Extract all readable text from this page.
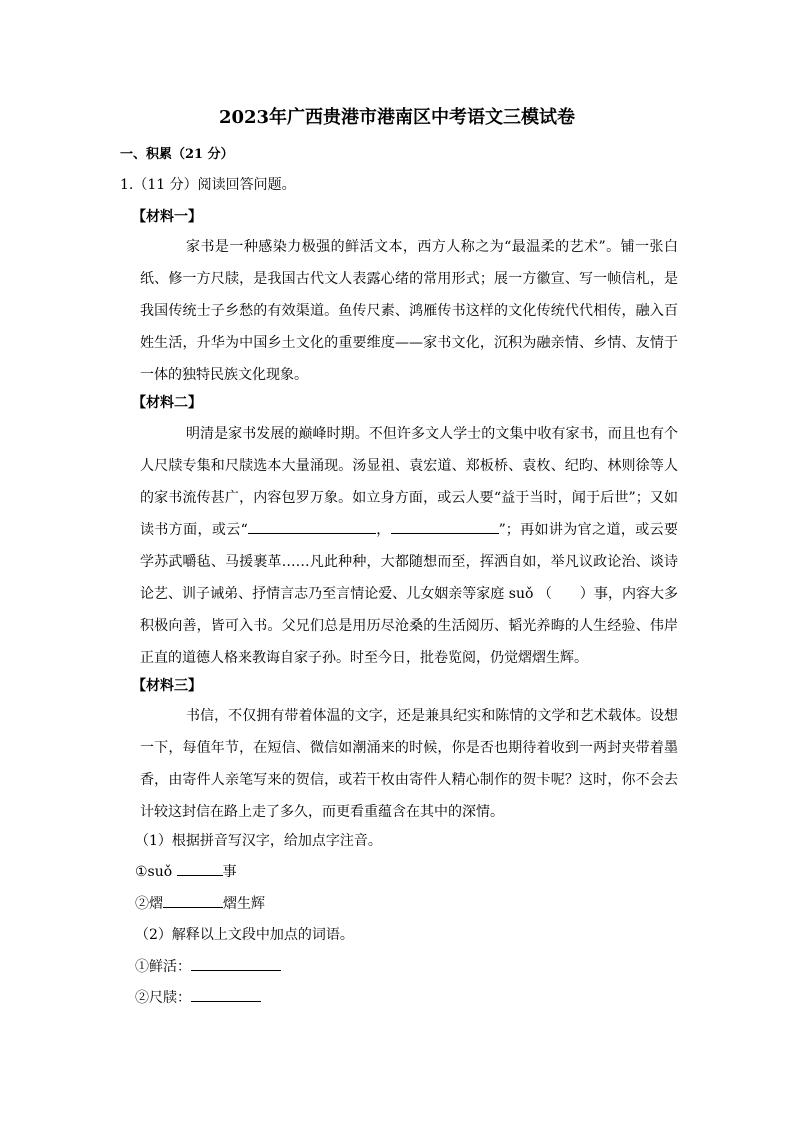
2023年广西贵港市港南区中考语文三模试卷
一、积累（21 分）
1.（11 分）阅读回答问题。
【材料一】
家书是一种感染力极强的鲜活文本，西方人称之为“最温柔的艺术”。铺一张白纸、修一方尺牍，是我国古代文人表露心绪的常用形式；展一方徽宣、写一帧信札，是我国传统士子乡愁的有效渠道。鱼传尺素、鸿雁传书这样的文化传统代代相传，融入百姓生活，升华为中国乡土文化的重要维度——家书文化，沉积为融亲情、乡情、友情于一体的独特民族文化现象。
【材料二】
明清是家书发展的巅峰时期。不但许多文人学士的文集中收有家书，而且也有个人尺牍专集和尺牍选本大量涌现。汤显祖、袁宏道、郑板桥、袁枚、纪昀、林则徐等人的家书流传甚广，内容包罗万象。如立身方面，或云人要“益于当时，闻于后世”；又如读书方面，或云“	，	”；再如讲为官之道，或云要学苏武嚼毡、马援裹革……凡此种种，大都随想而至，挥洒自如，举凡议政论治、谈诗论艺、训子诫弟、抒情言志乃至言情论爱、儿女姻亲等家庭 suǒ （　　）事，内容大多积极向善，皆可入书。父兄们总是用历尽沧桑的生活阅历、韬光养晦的人生经验、伟岸正直的道德人格来教诲自家子孙。时至今日，批卷览阅，仍觉熠熠生辉。
【材料三】
书信，不仅拥有带着体温的文字，还是兼具纪实和陈情的文学和艺术载体。设想一下，每值年节，在短信、微信如潮涌来的时候，你是否也期待着收到一两封夹带着墨香，由寄件人亲笔写来的贺信，或若干枚由寄件人精心制作的贺卡呢？这时，你不会去计较这封信在路上走了多久，而更看重蕴含在其中的深情。
（1）根据拼音写汉字，给加点字注音。
①suǒ	事
②熠	熠生辉
（2）解释以上文段中加点的词语。
①鲜活：
②尺牍：
